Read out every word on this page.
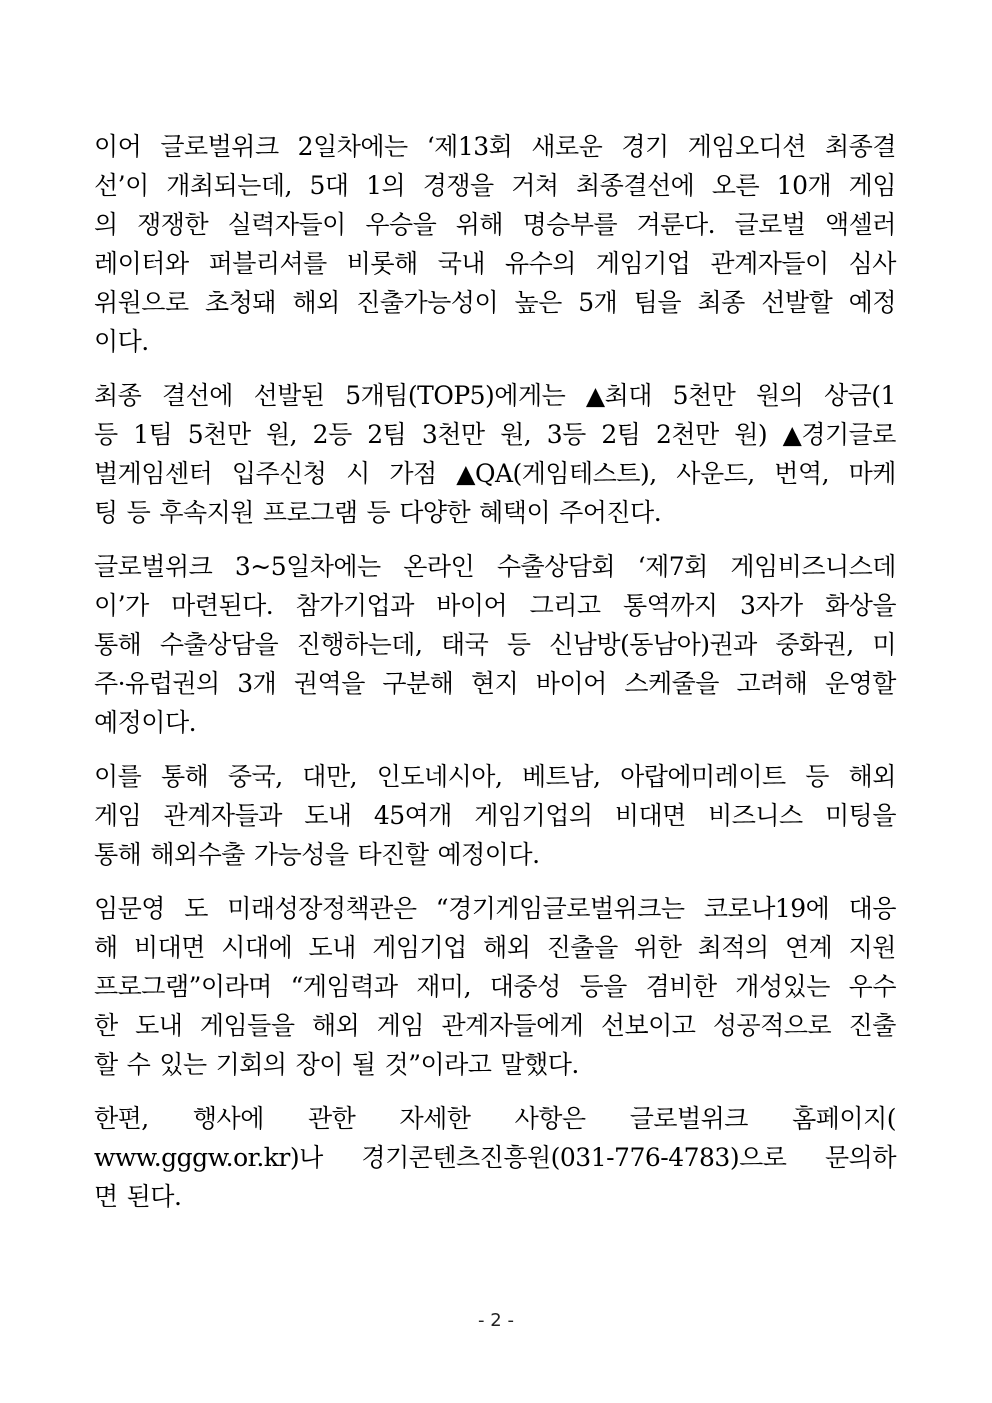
이어 글로벌위크 2일차에는 ‘제13회 새로운 경기 게임오디션 최종결
선’이 개최되는데, 5대 1의 경쟁을 거쳐 최종결선에 오른 10개 게임
의 쟁쟁한 실력자들이 우승을 위해 명승부를 겨룬다. 글로벌 액셀러
레이터와 퍼블리셔를 비롯해 국내 유수의 게임기업 관계자들이 심사
위원으로 초청돼 해외 진출가능성이 높은 5개 팀을 최종 선발할 예정
이다.
최종 결선에 선발된 5개팀(TOP5)에게는 ▲최대 5천만 원의 상금(1
등 1팀 5천만 원, 2등 2팀 3천만 원, 3등 2팀 2천만 원) ▲경기글로
벌게임센터 입주신청 시 가점 ▲QA(게임테스트), 사운드, 번역, 마케
팅 등 후속지원 프로그램 등 다양한 혜택이 주어진다.
글로벌위크 3~5일차에는 온라인 수출상담회 ‘제7회 게임비즈니스데
이’가 마련된다. 참가기업과 바이어 그리고 통역까지 3자가 화상을
통해 수출상담을 진행하는데, 태국 등 신남방(동남아)권과 중화권, 미
주·유럽권의 3개 권역을 구분해 현지 바이어 스케줄을 고려해 운영할
예정이다.
이를 통해 중국, 대만, 인도네시아, 베트남, 아랍에미레이트 등 해외
게임 관계자들과 도내 45여개 게임기업의 비대면 비즈니스 미팅을
통해 해외수출 가능성을 타진할 예정이다.
임문영 도 미래성장정책관은 “경기게임글로벌위크는 코로나19에 대응
해 비대면 시대에 도내 게임기업 해외 진출을 위한 최적의 연계 지원
프로그램”이라며 “게임력과 재미, 대중성 등을 겸비한 개성있는 우수
한 도내 게임들을 해외 게임 관계자들에게 선보이고 성공적으로 진출
할 수 있는 기회의 장이 될 것”이라고 말했다.
한편, 행사에 관한 자세한 사항은 글로벌위크 홈페이지(
www.gggw.or.kr)나 경기콘텐츠진흥원(031-776-4783)으로 문의하
면 된다.
- 2 -
